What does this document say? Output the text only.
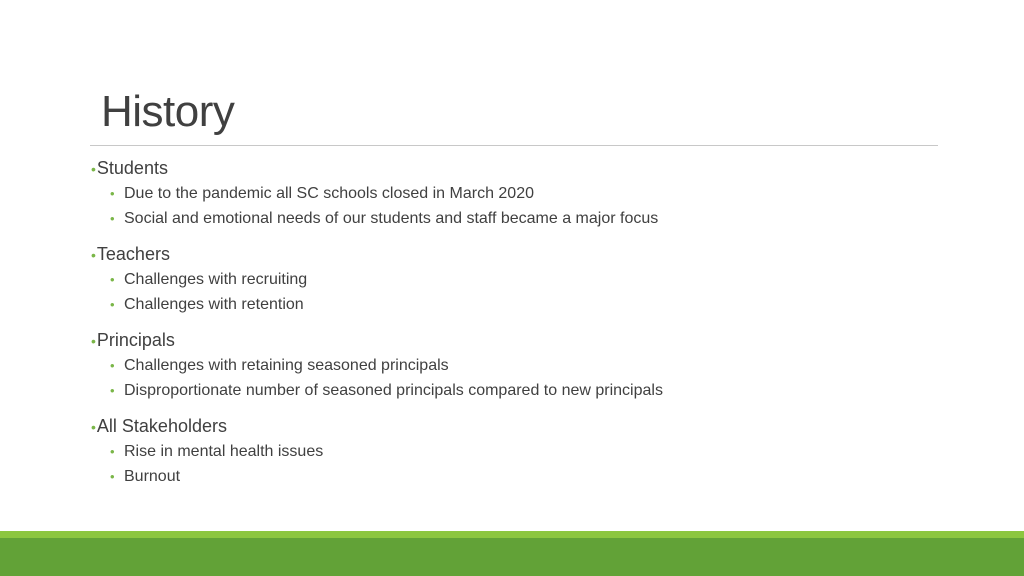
History
•Students
• Due to the pandemic all SC schools closed in March 2020
• Social and emotional needs of our students and staff became a major focus
•Teachers
• Challenges with recruiting
• Challenges with retention
•Principals
• Challenges with retaining seasoned principals
• Disproportionate number of seasoned principals compared to new principals
•All Stakeholders
• Rise in mental health issues
• Burnout
